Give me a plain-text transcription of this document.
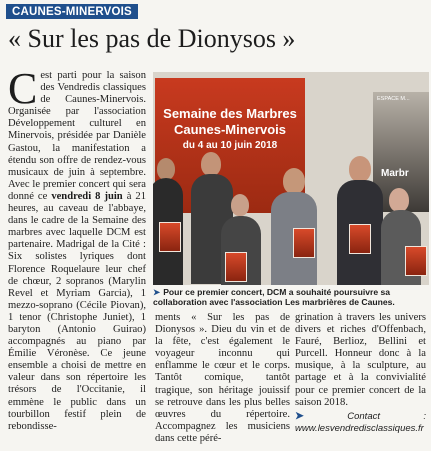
CAUNES-MINERVOIS
« Sur les pas de Dionysos »
Cest parti pour la saison des Vendredis classiques de Caunes-Minervois. Organisée par l'association Développement culturel en Minervois, présidée par Danièle Gastou, la manifestation a étendu son offre de rendez-vous musicaux de juin à septembre. Avec le premier concert qui sera donné ce vendredi 8 juin à 21 heures, au caveau de l'abbaye, dans le cadre de la Semaine des marbres avec laquelle DCM est partenaire. Madrigal de la Cité : Six solistes lyriques dont Florence Roquelaure leur chef de chœur, 2 sopranos (Marylin Revel et Myriam Garcia), 1 mezzo-soprano (Cécile Piovan), 1 tenor (Christophe Juniet), 1 baryton (Antonio Guirao) accompagnés au piano par Émilie Véronèse. Ce jeune ensemble a choisi de mettre en valeur dans son répertoire les trésors de l'Occitanie, il emmène le public dans un tourbillon festif plein de rebondisse-
Semaine des Marbres
Caunes-Minervois
du 4 au 10 juin 2018
ESPACE M...
Marbr
➤ Pour ce premier concert, DCM a souhaité poursuivre sa collaboration avec l'association Les marbrières de Caunes.
ments « Sur les pas de Dionysos ». Dieu du vin et de la fête, c'est également le voyageur inconnu qui enflamme le cœur et le corps. Tantôt comique, tantôt tragique, son héritage jouissif se retrouve dans les plus belles œuvres du répertoire. Accompagnez les musiciens dans cette péré-
grination à travers les univers divers et riches d'Offenbach, Fauré, Berlioz, Bellini et Purcell. Honneur donc à la musique, à la sculpture, au partage et à la convivialité pour ce premier concert de la saison 2018.
➤	Contact : www.lesvendredisclassiques.fr
